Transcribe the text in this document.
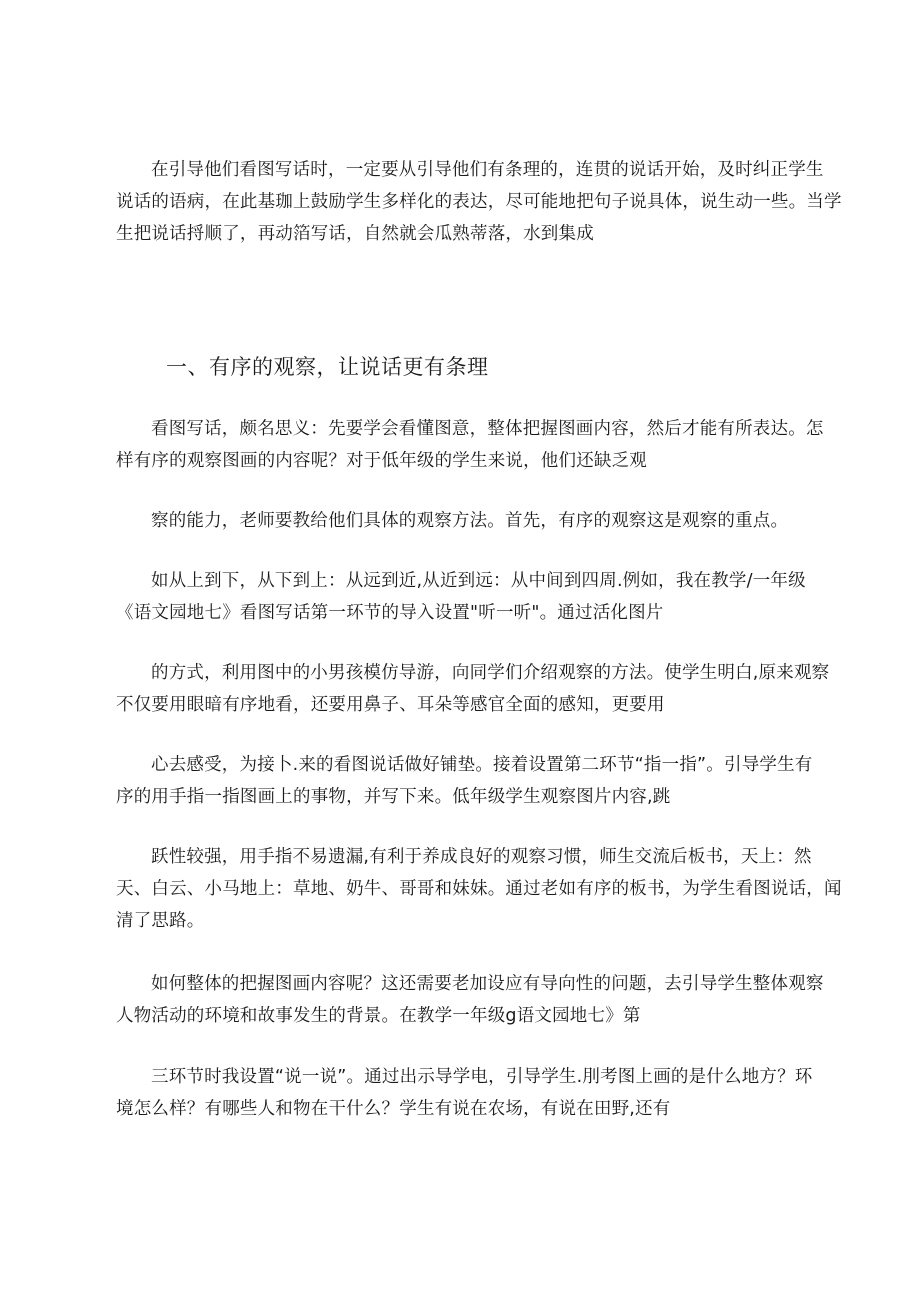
在引导他们看图写话时，一定要从引导他们有条理的，连贯的说话开始，及时纠正学生
说话的语病，在此基珈上鼓励学生多样化的表达，尽可能地把句子说具体，说生动一些。当学
生把说话捋顺了，再动箔写话，自然就会瓜熟蒂落，水到集成

一、有序的观察，让说话更有条理

看图写话，颇名思义：先要学会看懂图意，整体把握图画内容，然后才能有所表达。怎
样有序的观察图画的内容呢？对于低年级的学生来说，他们还缺乏观

察的能力，老师要教给他们具体的观察方法。首先，有序的观察这是观察的重点。

如从上到下，从下到上：从远到近,从近到远：从中间到四周.例如，我在教学/一年级
《语文园地七》看图写话第一环节的导入设置"听一听"。通过活化图片

的方式，利用图中的小男孩模仿导游，向同学们介绍观察的方法。使学生明白,原来观察
不仅要用眼暗有序地看，还要用鼻子、耳朵等感官全面的感知，更要用

心去感受，为接卜.来的看图说话做好铺垫。接着设置第二环节“指一指”。引导学生有
序的用手指一指图画上的事物，并写下来。低年级学生观察图片内容,跳

跃性较强，用手指不易遗漏,有利于养成良好的观察习惯，师生交流后板书，天上：然
天、白云、小马地上：草地、奶牛、哥哥和妹妹。通过老如有序的板书，为学生看图说话，闻
清了思路。

如何整体的把握图画内容呢？这还需要老加设应有导向性的问题，去引导学生整体观察
人物活动的环境和故事发生的背景。在教学一年级g语文园地七》第

三环节时我设置“说一说”。通过出示导学电，引导学生.刖考图上画的是什么地方？环
境怎么样？有哪些人和物在干什么？学生有说在农场，有说在田野,还有
